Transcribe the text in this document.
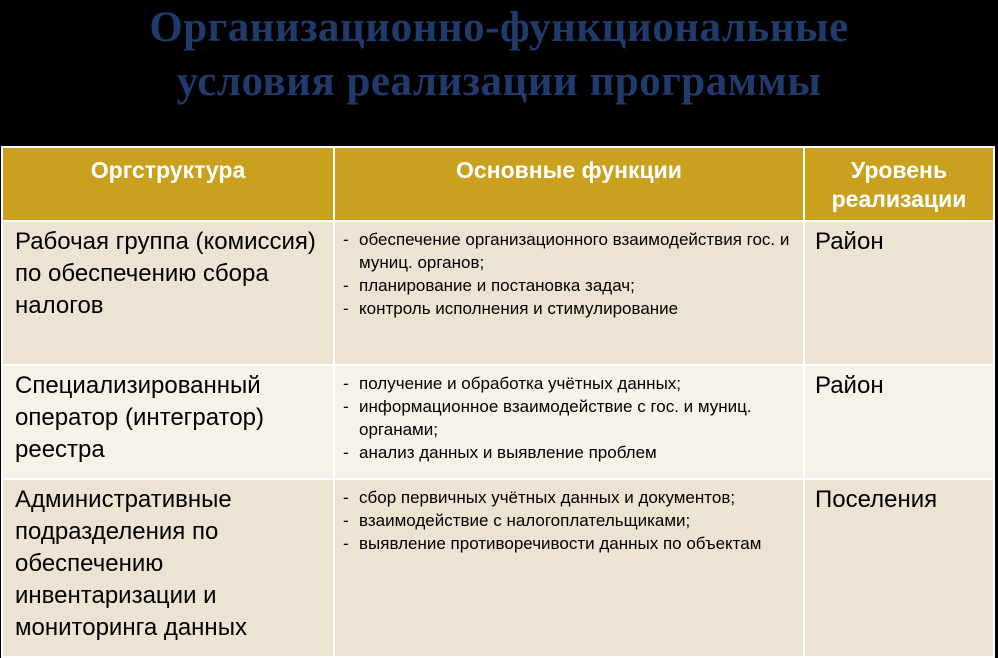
Организационно-функциональные
условия реализации программы
Оргструктура	Основные функции	Уровень реализации
Рабочая группа (комиссия) по обеспечению сбора налогов	- обеспечение организационного взаимодействия гос. и муниц. органов;
- планирование и постановка задач;
- контроль исполнения и стимулирование	Район
Специализированный оператор (интегратор) реестра	- получение и обработка учётных данных;
- информационное взаимодействие с гос. и муниц. органами;
- анализ данных и выявление проблем	Район
Административные подразделения по обеспечению инвентаризации и мониторинга данных	- сбор первичных учётных данных и документов;
- взаимодействие с налогоплательщиками;
- выявление противоречивости данных по объектам	Поселения
